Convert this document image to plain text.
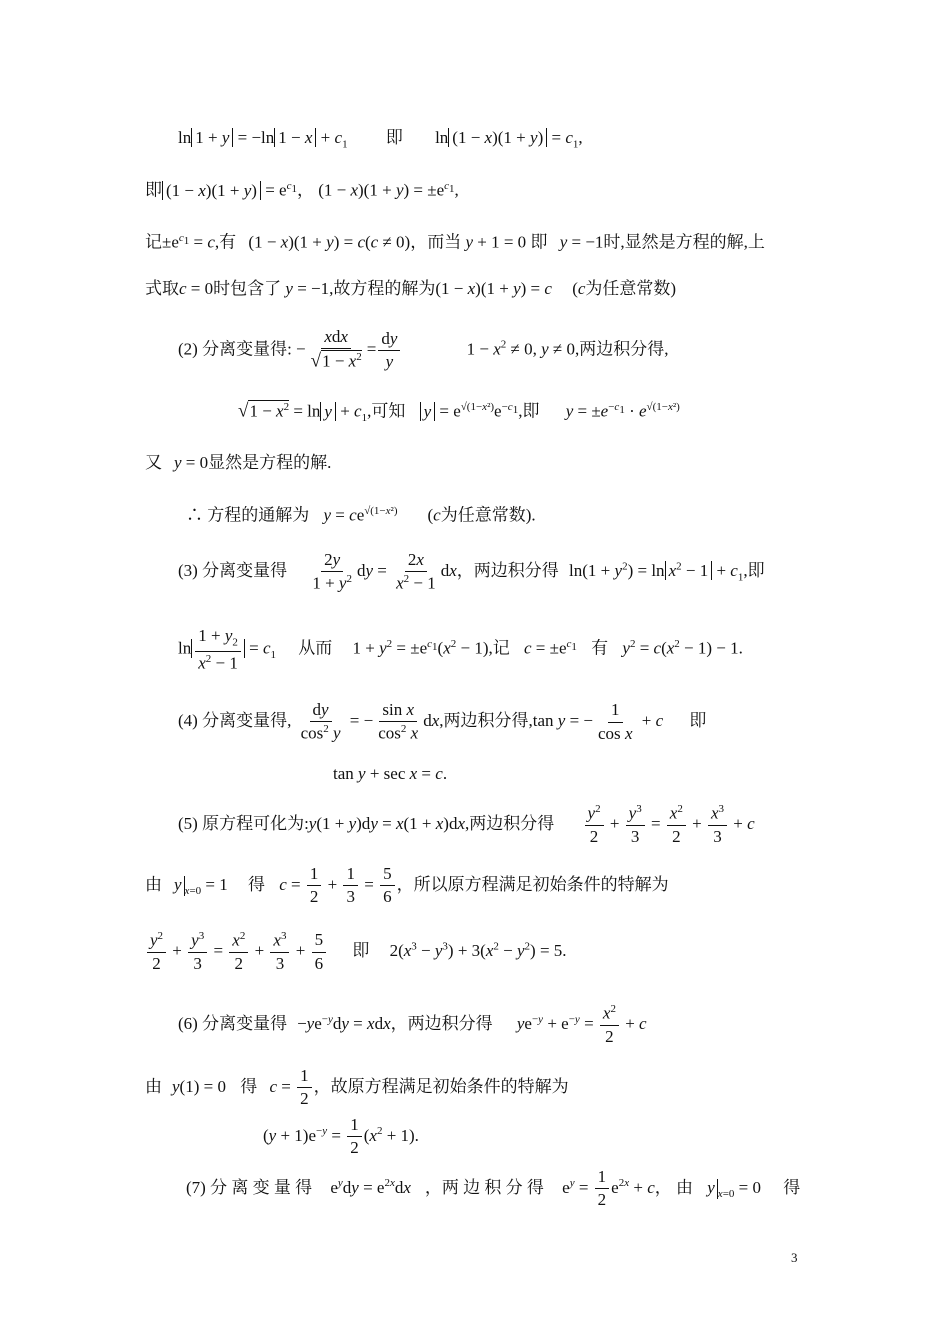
ln 1 + y = −ln $1 - x + c_1$ 即 $\ln (1 - x)(1 + y) = c_1$,
即 $(1 - x)(1 + y) = e^{c_1}$， $(1 - x)(1 + y) = \pm e^{c_1}$,
记$\pm e^{c_1} = c$,有 (1 − x)(1 + y) = c(c ≠ 0)，而当 y + 1 = 0 即 y = −1时,显然是方程的解,上
式取c = 0时包含了 y = −1,故方程的解为(1 − x)(1 + y) = c (c为任意常数)
(2) 分离变量得: − $\frac{\text{xdx}}{√1 - x^2} = \frac{dy}{y}$	$1 - x^2 \ne 0$, y ≠ 0,两边积分得,
$√1 - x^2 = \ln y + c_1$,可知 $y = e^{√(1-x^2)}e^{-c_1}$,即 $y = \pm e^{-c_1} \cdot e^{√(1-x^2)}$
又 y = 0显然是方程的解.
∴ 方程的通解为 $y = ce^{√(1-x^2)}$ (c为任意常数).
(3) 分离变量得 $\frac{2y}{1 + y^2}$ dy = $\frac{2x}{x^2 - 1}$ dx，两边积分得 $\ln(1 + y^2) = \ln x^2 - 1 + c_1$,即
$\ln \frac{1 + y_2}{x^2 - 1} = c_1$ 从而 $1 + y^2 = \pm e^{c_1}(x^2 - 1)$,记 $c = \pm e^{c_1}$ 有 $y^2 = c(x^2 - 1) - 1$.
(4) 分离变量得, $\frac{dy}{\cos^2 y}$ = − $\frac{\text{sin x}}{\cos^2 x}$ dx,两边积分得,tan y = − $\frac{1}{\text{cos x}} + c$ 即
tan y + sec x = c.
(5) 原方程可化为:y(1 + y)dy = x(1 + x)dx,两边积分得 $\frac{y^2}{2} + \frac{y^3}{3} = \frac{x^2}{2} + \frac{x^3}{3} + c$
由 y $_{x=0}$ = 1 得 $c = \frac{1}{2} + \frac{1}{3} = \frac{5}{6}$ ，所以原方程满足初始条件的特解为
$\frac{y^2}{2} + \frac{y^3}{3} = \frac{x^2}{2} + \frac{x^3}{3} + \frac{5}{6}$ 即 $2(x^3 - y^3) + 3(x^2 - y^2) = 5$.
(6) 分离变量得 $-ye^{-y}dy$ = xdx，两边积分得 $ye^{-y} + e^{-y} = \frac{x^2}{2} + c$
由 y(1) = 0 得 $c = \frac{1}{2}$ ，故原方程满足初始条件的特解为
$(y + 1)e^{-y} = \frac{1}{2} (x^2 + 1)$.
(7) 分 离 变 量 得 $e^ydy = e^{2x}dx$ ，两 边 积 分 得 $e^y = \frac{1}{2} e^{2x} + c$， 由 y $_{x=0}$ = 0 得
3
